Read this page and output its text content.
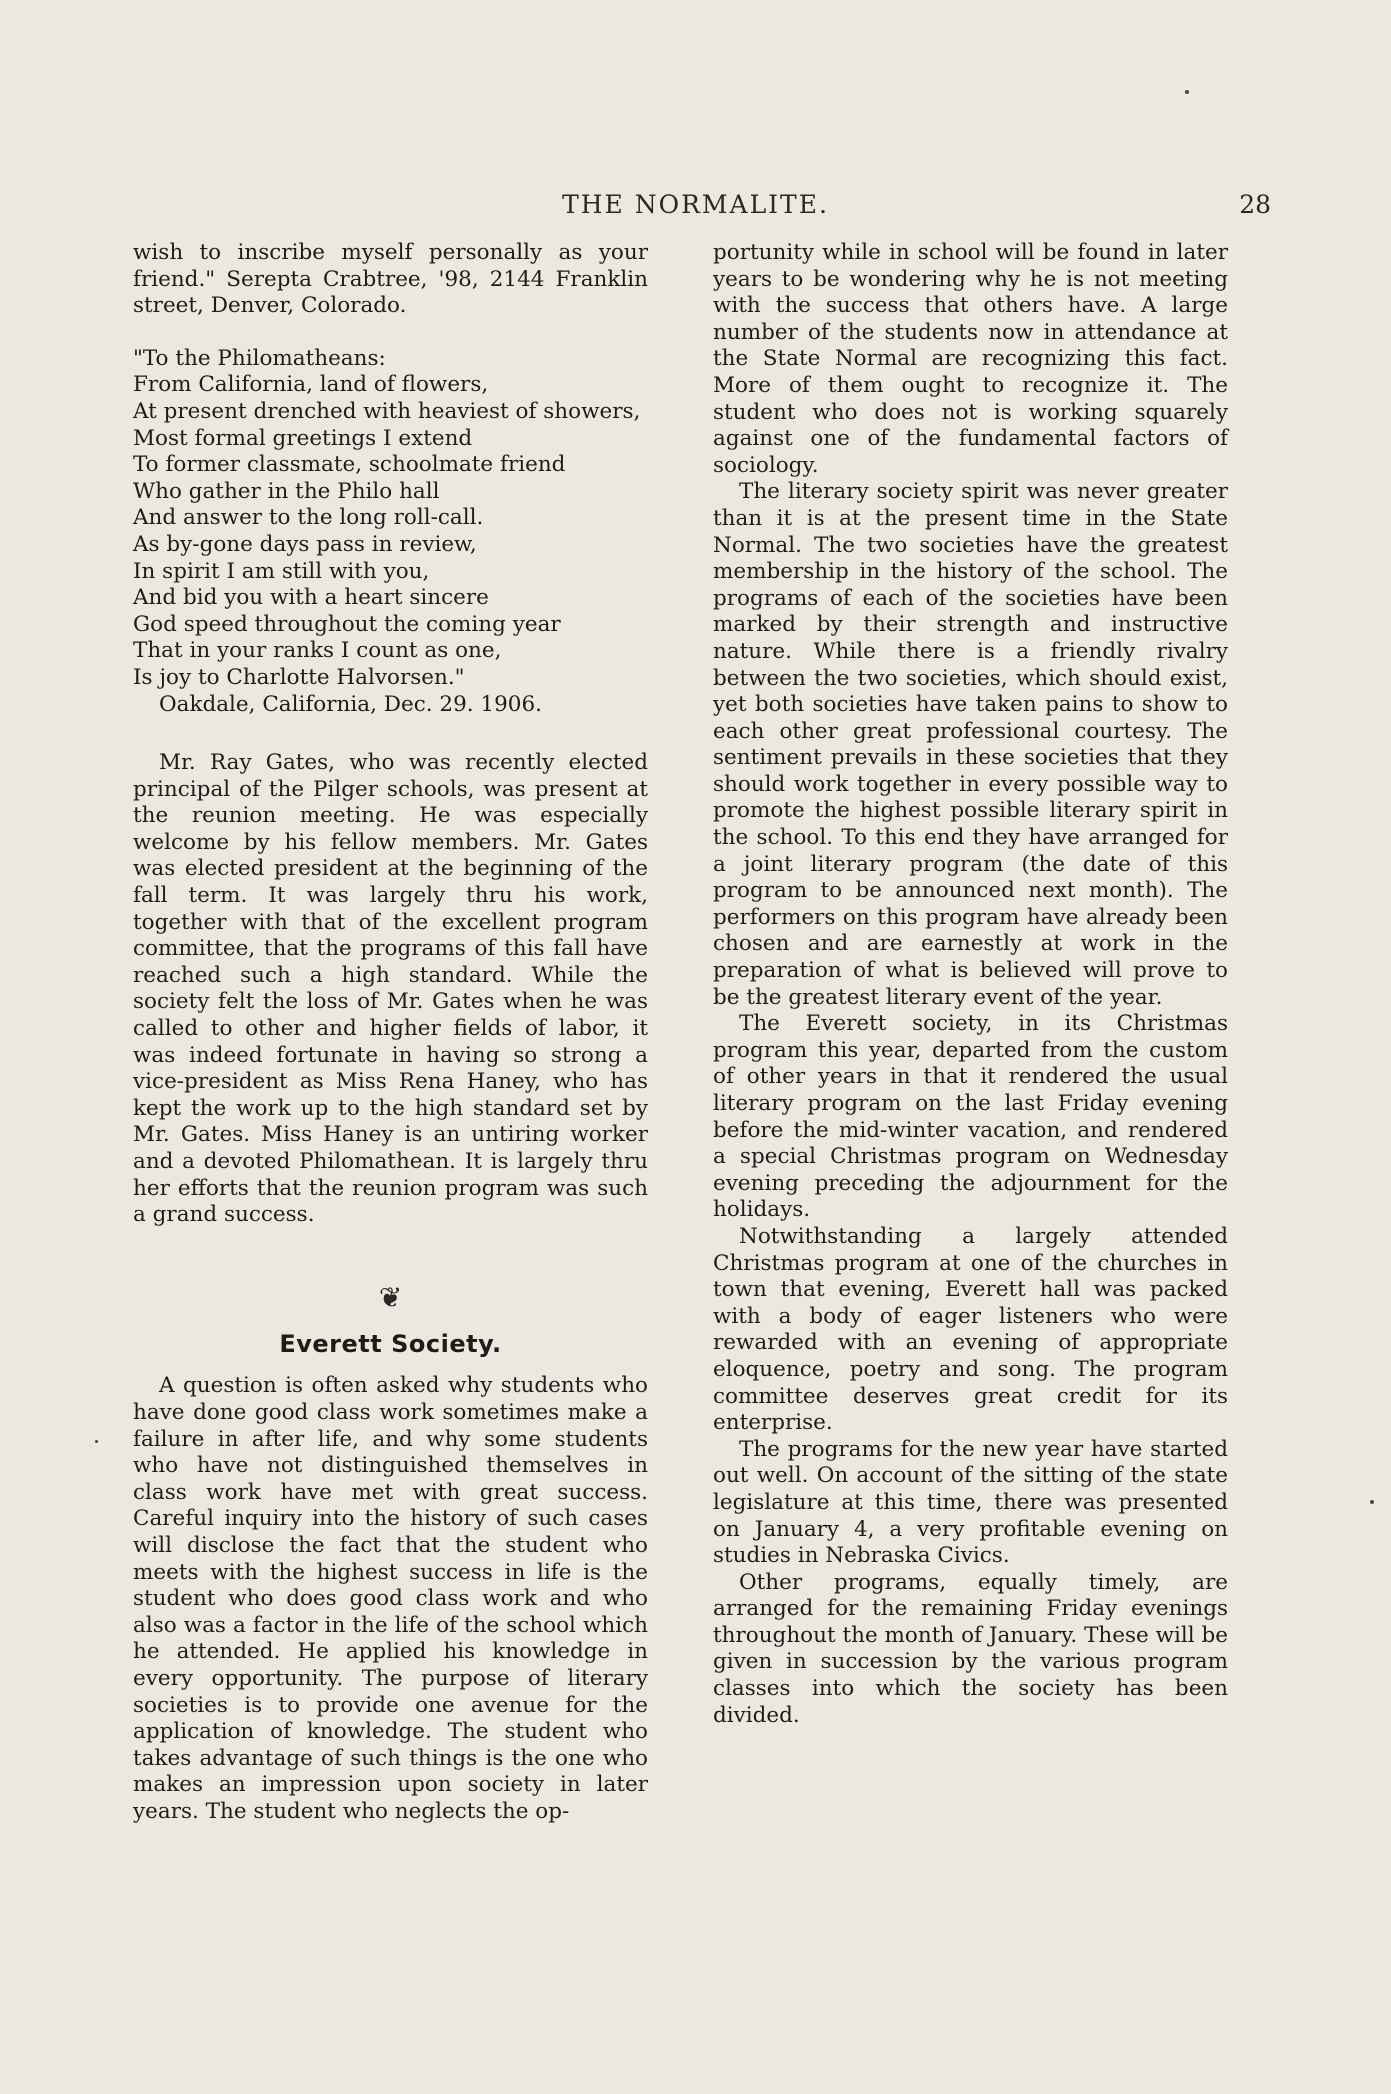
THE NORMALITE.	28

wish to inscribe myself personally as your friend." Serepta Crabtree, '98, 2144 Franklin street, Denver, Colorado.

"To the Philomatheans:
From California, land of flowers,
At present drenched with heaviest of showers,
Most formal greetings I extend
To former classmate, schoolmate friend
Who gather in the Philo hall
And answer to the long roll-call.
As by-gone days pass in review,
In spirit I am still with you,
And bid you with a heart sincere
God speed throughout the coming year
That in your ranks I count as one,
Is joy to Charlotte Halvorsen."
Oakdale, California, Dec. 29. 1906.

Mr. Ray Gates, who was recently elected principal of the Pilger schools, was present at the reunion meeting. He was especially welcome by his fellow members. Mr. Gates was elected president at the beginning of the fall term. It was largely thru his work, together with that of the excellent program committee, that the programs of this fall have reached such a high standard. While the society felt the loss of Mr. Gates when he was called to other and higher fields of labor, it was indeed fortunate in having so strong a vice-president as Miss Rena Haney, who has kept the work up to the high standard set by Mr. Gates. Miss Haney is an untiring worker and a devoted Philomathean. It is largely thru her efforts that the reunion program was such a grand success.

❦
Everett Society.

A question is often asked why students who have done good class work sometimes make a failure in after life, and why some students who have not distinguished themselves in class work have met with great success. Careful inquiry into the history of such cases will disclose the fact that the student who meets with the highest success in life is the student who does good class work and who also was a factor in the life of the school which he attended. He applied his knowledge in every opportunity. The purpose of literary societies is to provide one avenue for the application of knowledge. The student who takes advantage of such things is the one who makes an impression upon society in later years. The student who neglects the op-

portunity while in school will be found in later years to be wondering why he is not meeting with the success that others have. A large number of the students now in attendance at the State Normal are recognizing this fact. More of them ought to recognize it. The student who does not is working squarely against one of the fundamental factors of sociology.

The literary society spirit was never greater than it is at the present time in the State Normal. The two societies have the greatest membership in the history of the school. The programs of each of the societies have been marked by their strength and instructive nature. While there is a friendly rivalry between the two societies, which should exist, yet both societies have taken pains to show to each other great professional courtesy. The sentiment prevails in these societies that they should work together in every possible way to promote the highest possible literary spirit in the school. To this end they have arranged for a joint literary program (the date of this program to be announced next month). The performers on this program have already been chosen and are earnestly at work in the preparation of what is believed will prove to be the greatest literary event of the year.

The Everett society, in its Christmas program this year, departed from the custom of other years in that it rendered the usual literary program on the last Friday evening before the mid-winter vacation, and rendered a special Christmas program on Wednesday evening preceding the adjournment for the holidays.

Notwithstanding a largely attended Christmas program at one of the churches in town that evening, Everett hall was packed with a body of eager listeners who were rewarded with an evening of appropriate eloquence, poetry and song. The program committee deserves great credit for its enterprise.

The programs for the new year have started out well. On account of the sitting of the state legislature at this time, there was presented on January 4, a very profitable evening on studies in Nebraska Civics.

Other programs, equally timely, are arranged for the remaining Friday evenings throughout the month of January. These will be given in succession by the various program classes into which the society has been divided.
